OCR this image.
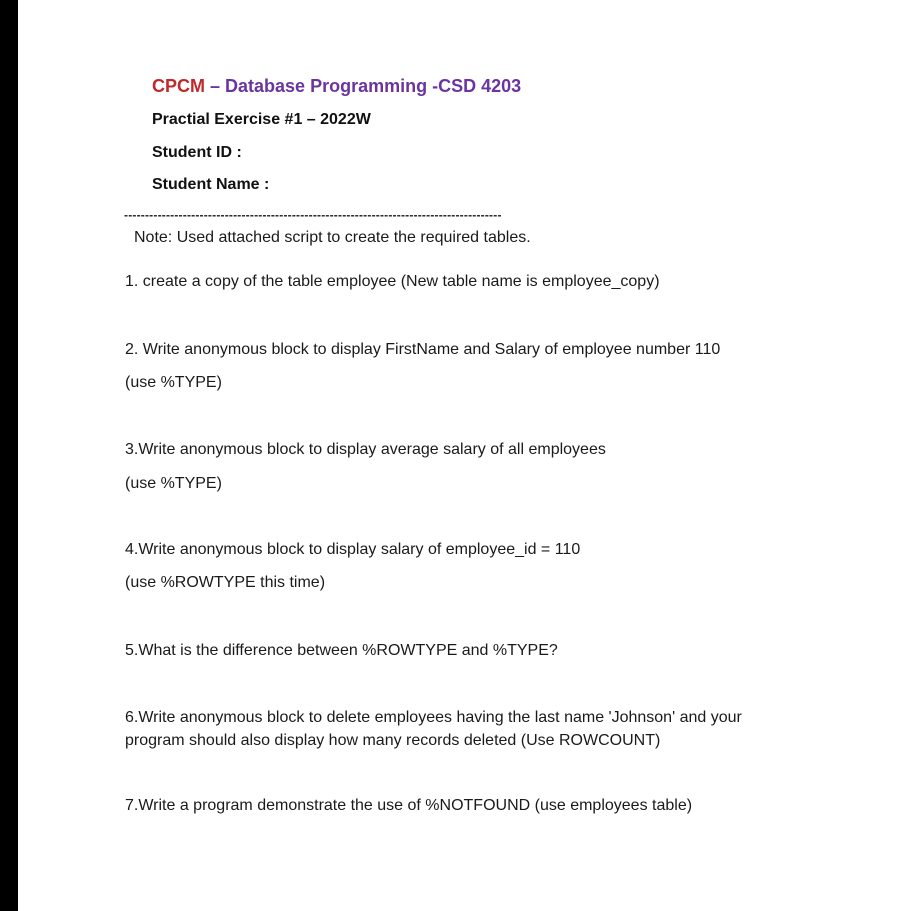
CPCM – Database Programming -CSD 4203
Practial Exercise #1 – 2022W
Student ID :
Student Name :
------------------------------------------------------------------------------------------
Note: Used attached script to create the required tables.
1. create a copy of the table employee (New table name is employee_copy)
2. Write anonymous block to display FirstName and Salary of employee number 110
(use %TYPE)
3.Write anonymous block to display average salary of all employees
(use %TYPE)
4.Write anonymous block to display salary of employee_id = 110
(use %ROWTYPE this time)
5.What is the difference between %ROWTYPE and %TYPE?
6.Write anonymous block to delete employees having the last name 'Johnson' and your
program should also display how many records deleted (Use ROWCOUNT)
7.Write a program demonstrate the use of %NOTFOUND (use employees table)
